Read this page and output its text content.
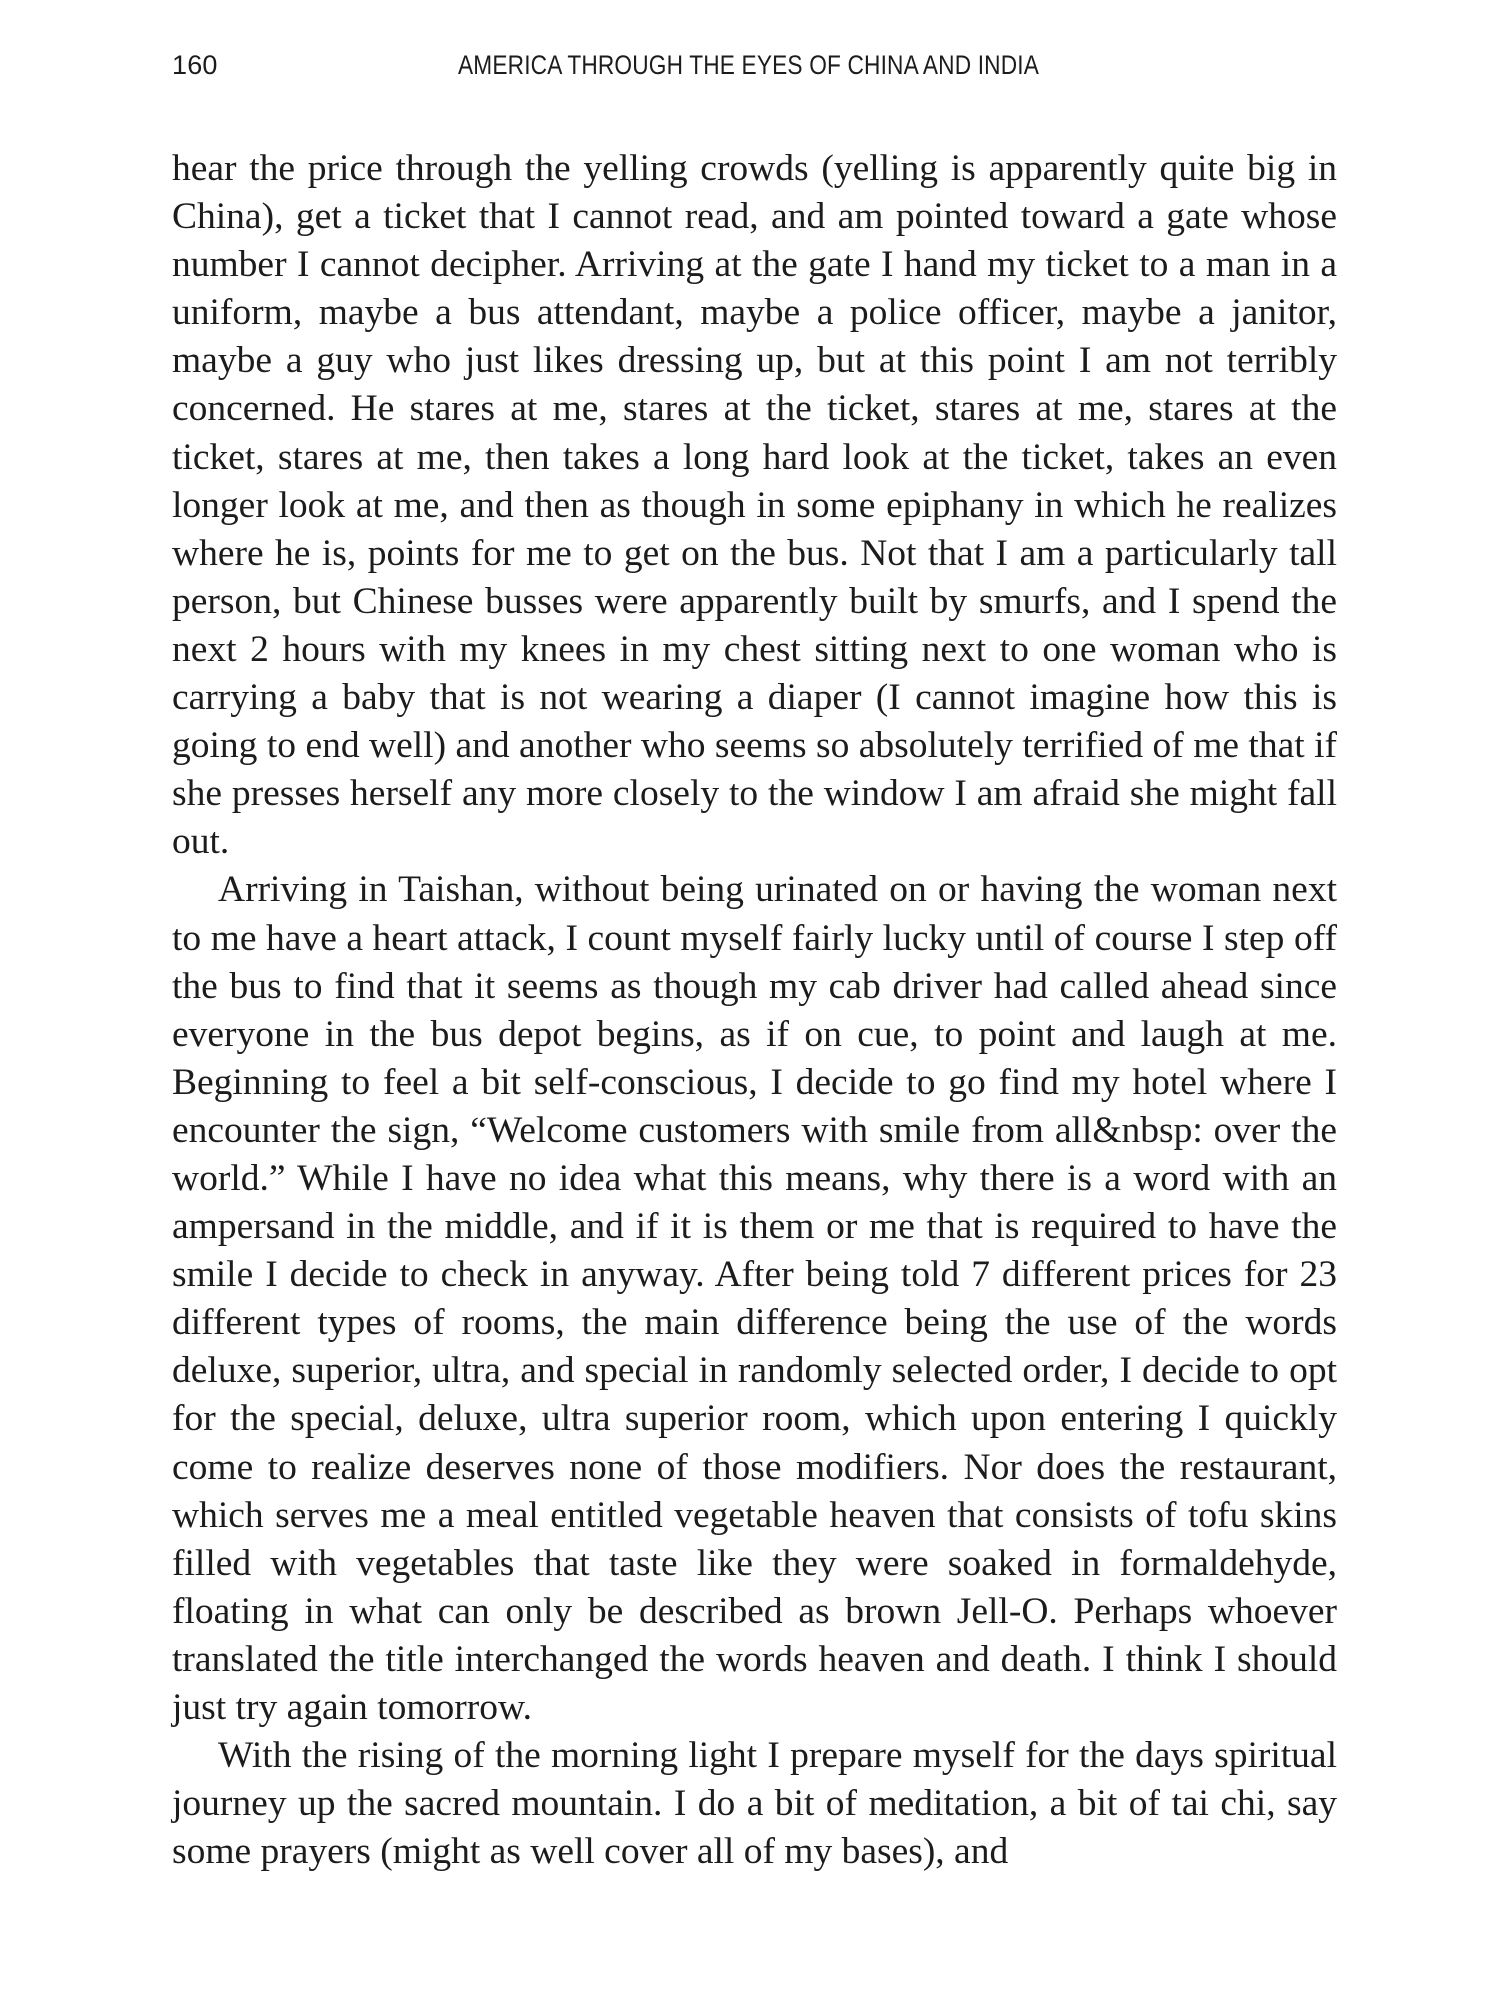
160	AMERICA THROUGH THE EYES OF CHINA AND INDIA

hear the price through the yelling crowds (yelling is apparently quite big in China), get a ticket that I cannot read, and am pointed toward a gate whose number I cannot decipher. Arriving at the gate I hand my ticket to a man in a uniform, maybe a bus attendant, maybe a police officer, maybe a janitor, maybe a guy who just likes dressing up, but at this point I am not terribly concerned. He stares at me, stares at the ticket, stares at me, stares at the ticket, stares at me, then takes a long hard look at the ticket, takes an even longer look at me, and then as though in some epiphany in which he realizes where he is, points for me to get on the bus. Not that I am a particularly tall person, but Chinese busses were apparently built by smurfs, and I spend the next 2 hours with my knees in my chest sitting next to one woman who is carrying a baby that is not wearing a diaper (I cannot imagine how this is going to end well) and another who seems so absolutely terrified of me that if she presses herself any more closely to the window I am afraid she might fall out.

Arriving in Taishan, without being urinated on or having the woman next to me have a heart attack, I count myself fairly lucky until of course I step off the bus to find that it seems as though my cab driver had called ahead since everyone in the bus depot begins, as if on cue, to point and laugh at me. Beginning to feel a bit self-conscious, I decide to go find my hotel where I encounter the sign, “Welcome customers with smile from all&nbsp: over the world.” While I have no idea what this means, why there is a word with an ampersand in the middle, and if it is them or me that is required to have the smile I decide to check in anyway. After being told 7 different prices for 23 different types of rooms, the main difference being the use of the words deluxe, superior, ultra, and special in randomly selected order, I decide to opt for the special, deluxe, ultra superior room, which upon entering I quickly come to realize deserves none of those modifiers. Nor does the restaurant, which serves me a meal entitled vegetable heaven that consists of tofu skins filled with vegetables that taste like they were soaked in formaldehyde, floating in what can only be described as brown Jell-O. Perhaps whoever translated the title interchanged the words heaven and death. I think I should just try again tomorrow.

With the rising of the morning light I prepare myself for the days spiritual journey up the sacred mountain. I do a bit of meditation, a bit of tai chi, say some prayers (might as well cover all of my bases), and
